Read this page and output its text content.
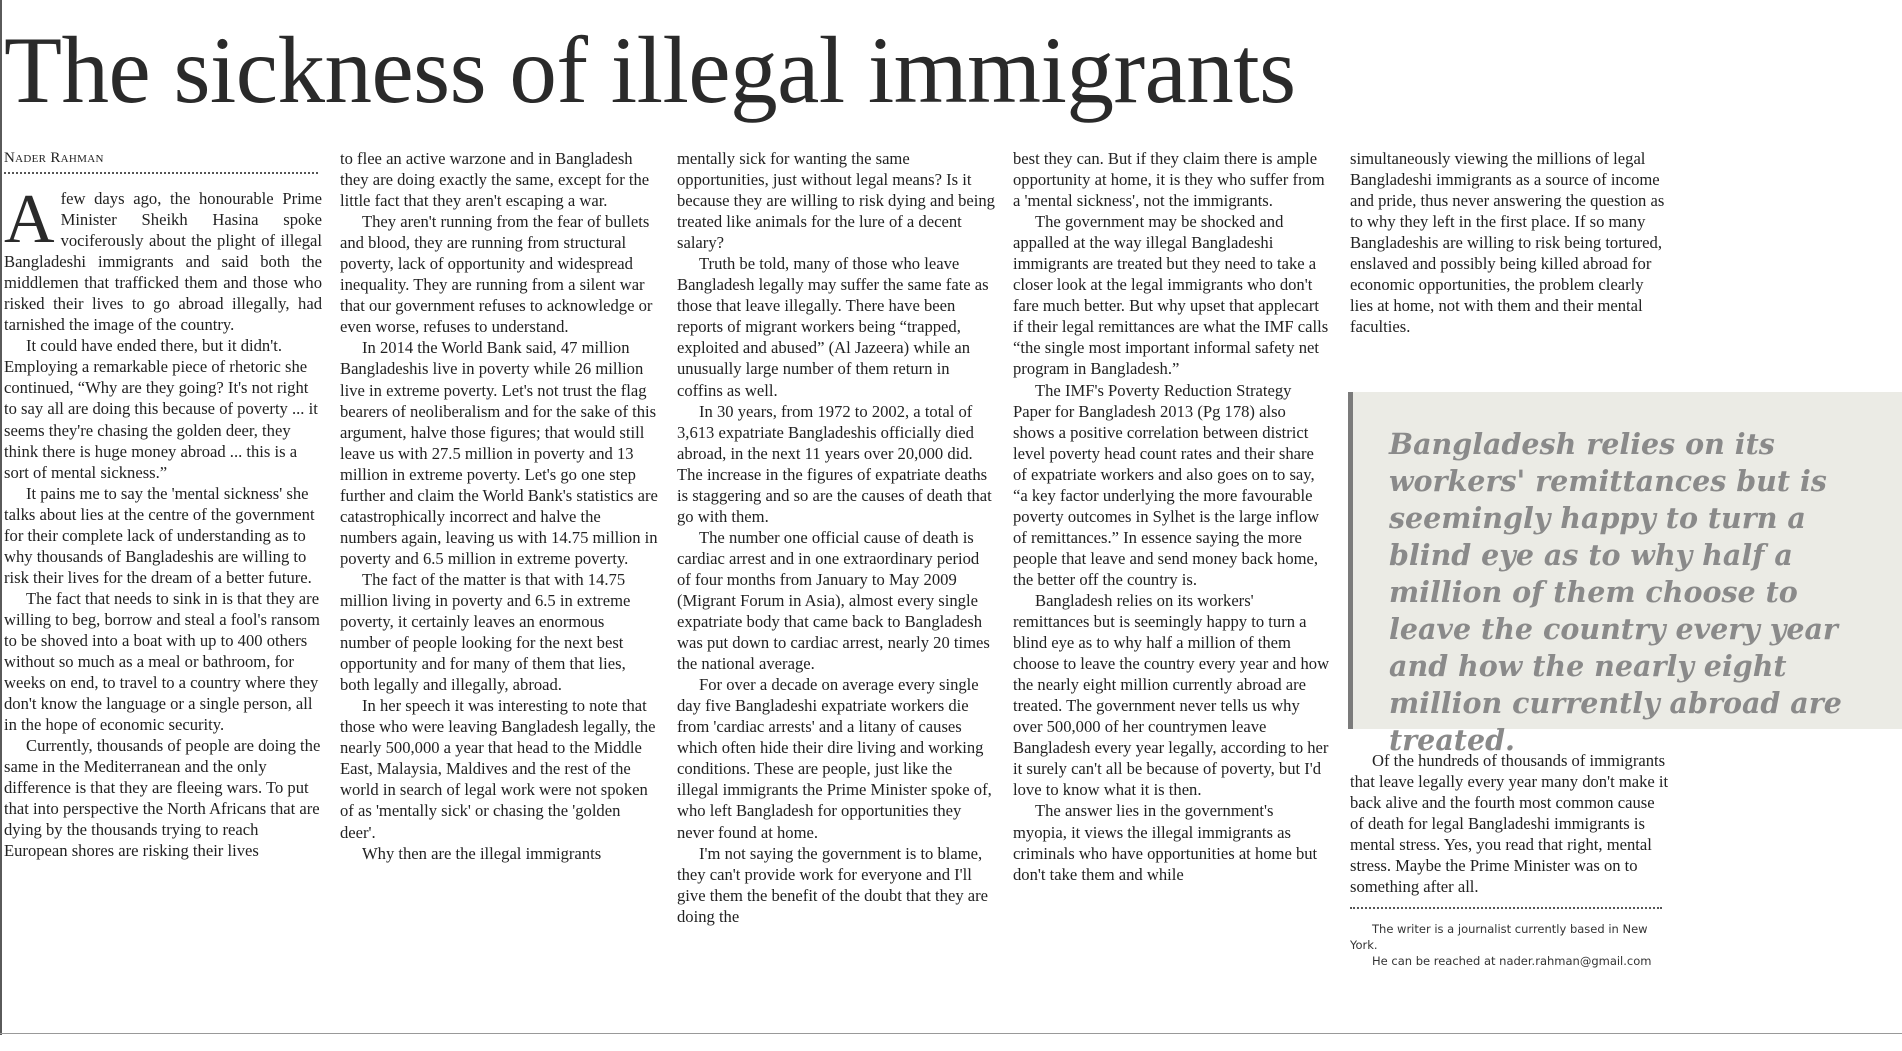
The sickness of illegal immigrants
Nader Rahman

Afew days ago, the honourable Prime Minister Sheikh Hasina spoke vociferously about the plight of illegal Bangladeshi immigrants and said both the middlemen that trafficked them and those who risked their lives to go abroad illegally, had tarnished the image of the country.

It could have ended there, but it didn't. Employing a remarkable piece of rhetoric she continued, “Why are they going? It's not right to say all are doing this because of poverty ... it seems they're chasing the golden deer, they think there is huge money abroad ... this is a sort of mental sickness.”

It pains me to say the 'mental sickness' she talks about lies at the centre of the government for their complete lack of understanding as to why thousands of Bangladeshis are willing to risk their lives for the dream of a better future.

The fact that needs to sink in is that they are willing to beg, borrow and steal a fool's ransom to be shoved into a boat with up to 400 others without so much as a meal or bathroom, for weeks on end, to travel to a country where they don't know the language or a single person, all in the hope of economic security.

Currently, thousands of people are doing the same in the Mediterranean and the only difference is that they are fleeing wars. To put that into perspective the North Africans that are dying by the thousands trying to reach European shores are risking their lives

to flee an active warzone and in Bangladesh they are doing exactly the same, except for the little fact that they aren't escaping a war.

They aren't running from the fear of bullets and blood, they are running from structural poverty, lack of opportunity and widespread inequality. They are running from a silent war that our government refuses to acknowledge or even worse, refuses to understand.

In 2014 the World Bank said, 47 million Bangladeshis live in poverty while 26 million live in extreme poverty. Let's not trust the flag bearers of neoliberalism and for the sake of this argument, halve those figures; that would still leave us with 27.5 million in poverty and 13 million in extreme poverty. Let's go one step further and claim the World Bank's statistics are catastrophically incorrect and halve the numbers again, leaving us with 14.75 million in poverty and 6.5 million in extreme poverty.

The fact of the matter is that with 14.75 million living in poverty and 6.5 in extreme poverty, it certainly leaves an enormous number of people looking for the next best opportunity and for many of them that lies, both legally and illegally, abroad.

In her speech it was interesting to note that those who were leaving Bangladesh legally, the nearly 500,000 a year that head to the Middle East, Malaysia, Maldives and the rest of the world in search of legal work were not spoken of as 'mentally sick' or chasing the 'golden deer'.

Why then are the illegal immigrants

mentally sick for wanting the same opportunities, just without legal means? Is it because they are willing to risk dying and being treated like animals for the lure of a decent salary?

Truth be told, many of those who leave Bangladesh legally may suffer the same fate as those that leave illegally. There have been reports of migrant workers being “trapped, exploited and abused” (Al Jazeera) while an unusually large number of them return in coffins as well.

In 30 years, from 1972 to 2002, a total of 3,613 expatriate Bangladeshis officially died abroad, in the next 11 years over 20,000 did. The increase in the figures of expatriate deaths is staggering and so are the causes of death that go with them.

The number one official cause of death is cardiac arrest and in one extraordinary period of four months from January to May 2009 (Migrant Forum in Asia), almost every single expatriate body that came back to Bangladesh was put down to cardiac arrest, nearly 20 times the national average.

For over a decade on average every single day five Bangladeshi expatriate workers die from 'cardiac arrests' and a litany of causes which often hide their dire living and working conditions. These are people, just like the illegal immigrants the Prime Minister spoke of, who left Bangladesh for opportunities they never found at home.

I'm not saying the government is to blame, they can't provide work for everyone and I'll give them the benefit of the doubt that they are doing the

best they can. But if they claim there is ample opportunity at home, it is they who suffer from a 'mental sickness', not the immigrants.

The government may be shocked and appalled at the way illegal Bangladeshi immigrants are treated but they need to take a closer look at the legal immigrants who don't fare much better. But why upset that applecart if their legal remittances are what the IMF calls “the single most important informal safety net program in Bangladesh.”

The IMF's Poverty Reduction Strategy Paper for Bangladesh 2013 (Pg 178) also shows a positive correlation between district level poverty head count rates and their share of expatriate workers and also goes on to say, “a key factor underlying the more favourable poverty outcomes in Sylhet is the large inflow of remittances.” In essence saying the more people that leave and send money back home, the better off the country is.

Bangladesh relies on its workers' remittances but is seemingly happy to turn a blind eye as to why half a million of them choose to leave the country every year and how the nearly eight million currently abroad are treated. The government never tells us why over 500,000 of her countrymen leave Bangladesh every year legally, according to her it surely can't all be because of poverty, but I'd love to know what it is then.

The answer lies in the government's myopia, it views the illegal immigrants as criminals who have opportunities at home but don't take them and while

simultaneously viewing the millions of legal Bangladeshi immigrants as a source of income and pride, thus never answering the question as to why they left in the first place. If so many Bangladeshis are willing to risk being tortured, enslaved and possibly being killed abroad for economic opportunities, the problem clearly lies at home, not with them and their mental faculties.

Bangladesh relies on its workers' remittances but is seemingly happy to turn a blind eye as to why half a million of them choose to leave the country every year and how the nearly eight million currently abroad are treated.

Of the hundreds of thousands of immigrants that leave legally every year many don't make it back alive and the fourth most common cause of death for legal Bangladeshi immigrants is mental stress. Yes, you read that right, mental stress. Maybe the Prime Minister was on to something after all.

The writer is a journalist currently based in New York.

He can be reached at nader.rahman@gmail.com
